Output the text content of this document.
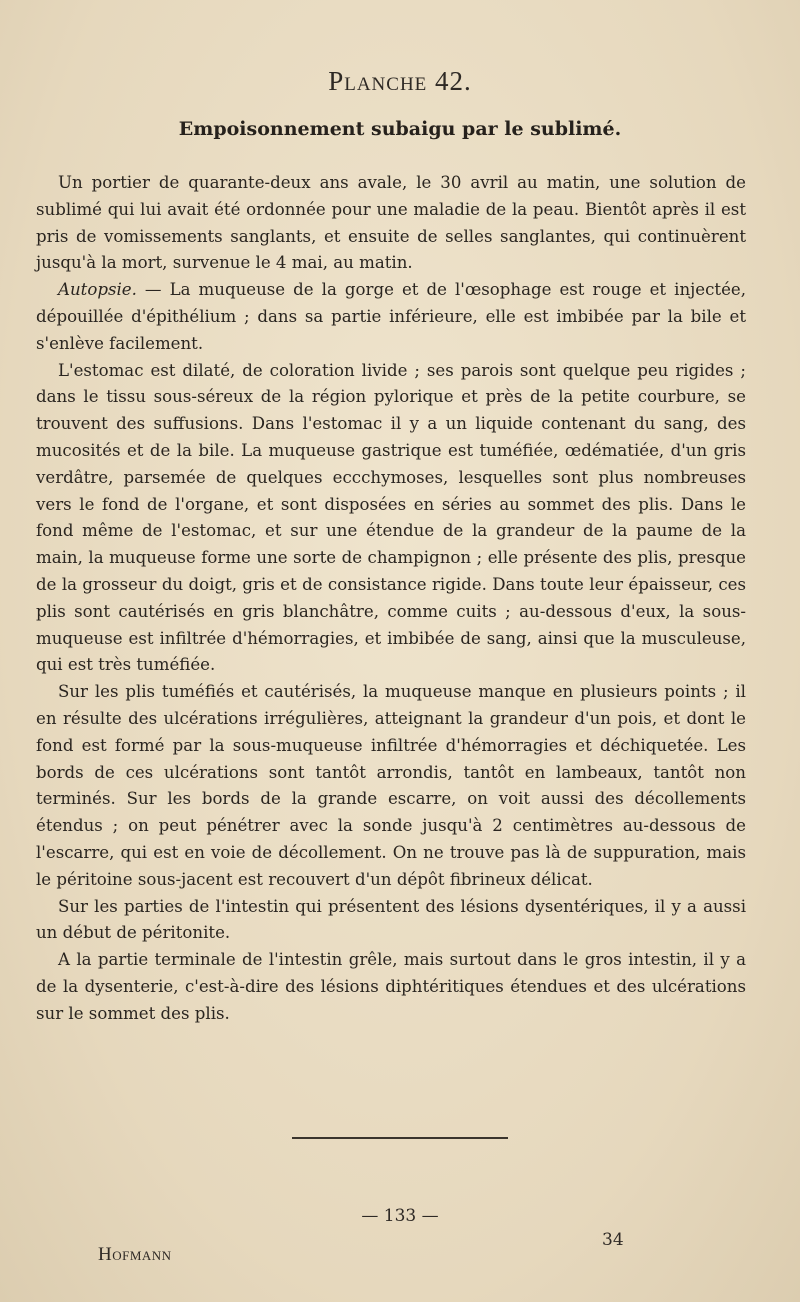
Planche 42.
Empoisonnement subaigu par le sublimé.

Un portier de quarante-deux ans avale, le 30 avril au matin, une solution de sublimé qui lui avait été ordonnée pour une maladie de la peau. Bientôt après il est pris de vomissements sanglants, et ensuite de selles sanglantes, qui continuèrent jusqu'à la mort, survenue le 4 mai, au matin.

Autopsie. — La muqueuse de la gorge et de l'œsophage est rouge et injectée, dépouillée d'épithélium ; dans sa partie inférieure, elle est imbibée par la bile et s'enlève facilement.

L'estomac est dilaté, de coloration livide ; ses parois sont quelque peu rigides ; dans le tissu sous-séreux de la région pylorique et près de la petite courbure, se trouvent des suffusions. Dans l'estomac il y a un liquide contenant du sang, des mucosités et de la bile. La muqueuse gastrique est tuméfiée, œdématiée, d'un gris verdâtre, parsemée de quelques eccchymoses, lesquelles sont plus nombreuses vers le fond de l'organe, et sont disposées en séries au sommet des plis. Dans le fond même de l'estomac, et sur une étendue de la grandeur de la paume de la main, la muqueuse forme une sorte de champignon ; elle présente des plis, presque de la grosseur du doigt, gris et de consistance rigide. Dans toute leur épaisseur, ces plis sont cautérisés en gris blanchâtre, comme cuits ; au-dessous d'eux, la sous-muqueuse est infiltrée d'hémorragies, et imbibée de sang, ainsi que la musculeuse, qui est très tuméfiée.

Sur les plis tuméfiés et cautérisés, la muqueuse manque en plusieurs points ; il en résulte des ulcérations irrégulières, atteignant la grandeur d'un pois, et dont le fond est formé par la sous-muqueuse infiltrée d'hémorragies et déchiquetée. Les bords de ces ulcérations sont tantôt arrondis, tantôt en lambeaux, tantôt non terminés. Sur les bords de la grande escarre, on voit aussi des décollements étendus ; on peut pénétrer avec la sonde jusqu'à 2 centimètres au-dessous de l'escarre, qui est en voie de décollement. On ne trouve pas là de suppuration, mais le péritoine sous-jacent est recouvert d'un dépôt fibrineux délicat.

Sur les parties de l'intestin qui présentent des lésions dysentériques, il y a aussi un début de péritonite.

A la partie terminale de l'intestin grêle, mais surtout dans le gros intestin, il y a de la dysenterie, c'est-à-dire des lésions diphtéritiques étendues et des ulcérations sur le sommet des plis.

— 133 —
34
Hofmann
